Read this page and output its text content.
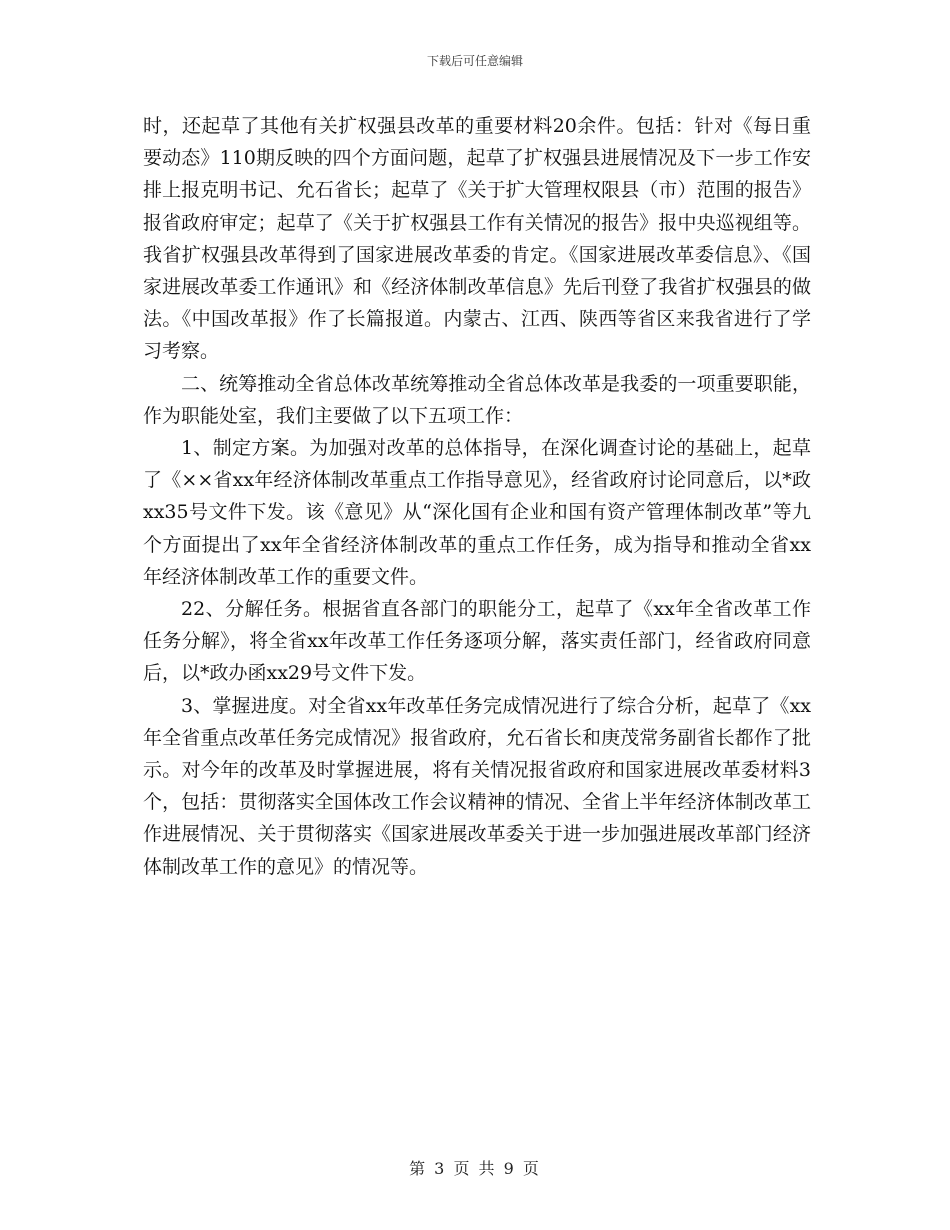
下载后可任意编辑

时，还起草了其他有关扩权强县改革的重要材料20余件。包括：针对《每日重要动态》110期反映的四个方面问题，起草了扩权强县进展情况及下一步工作安排上报克明书记、允石省长；起草了《关于扩大管理权限县（市）范围的报告》报省政府审定；起草了《关于扩权强县工作有关情况的报告》报中央巡视组等。我省扩权强县改革得到了国家进展改革委的肯定。《国家进展改革委信息》、《国家进展改革委工作通讯》和《经济体制改革信息》先后刊登了我省扩权强县的做法。《中国改革报》作了长篇报道。内蒙古、江西、陕西等省区来我省进行了学习考察。

二、统筹推动全省总体改革统筹推动全省总体改革是我委的一项重要职能，作为职能处室，我们主要做了以下五项工作：

1、制定方案。为加强对改革的总体指导，在深化调查讨论的基础上，起草了《××省xx年经济体制改革重点工作指导意见》，经省政府讨论同意后，以*政xx35号文件下发。该《意见》从“深化国有企业和国有资产管理体制改革”等九个方面提出了xx年全省经济体制改革的重点工作任务，成为指导和推动全省xx年经济体制改革工作的重要文件。

22、分解任务。根据省直各部门的职能分工，起草了《xx年全省改革工作任务分解》，将全省xx年改革工作任务逐项分解，落实责任部门，经省政府同意后，以*政办函xx29号文件下发。

3、掌握进度。对全省xx年改革任务完成情况进行了综合分析，起草了《xx年全省重点改革任务完成情况》报省政府，允石省长和庚茂常务副省长都作了批示。对今年的改革及时掌握进展，将有关情况报省政府和国家进展改革委材料3个，包括：贯彻落实全国体改工作会议精神的情况、全省上半年经济体制改革工作进展情况、关于贯彻落实《国家进展改革委关于进一步加强进展改革部门经济体制改革工作的意见》的情况等。

第 3 页 共 9 页
